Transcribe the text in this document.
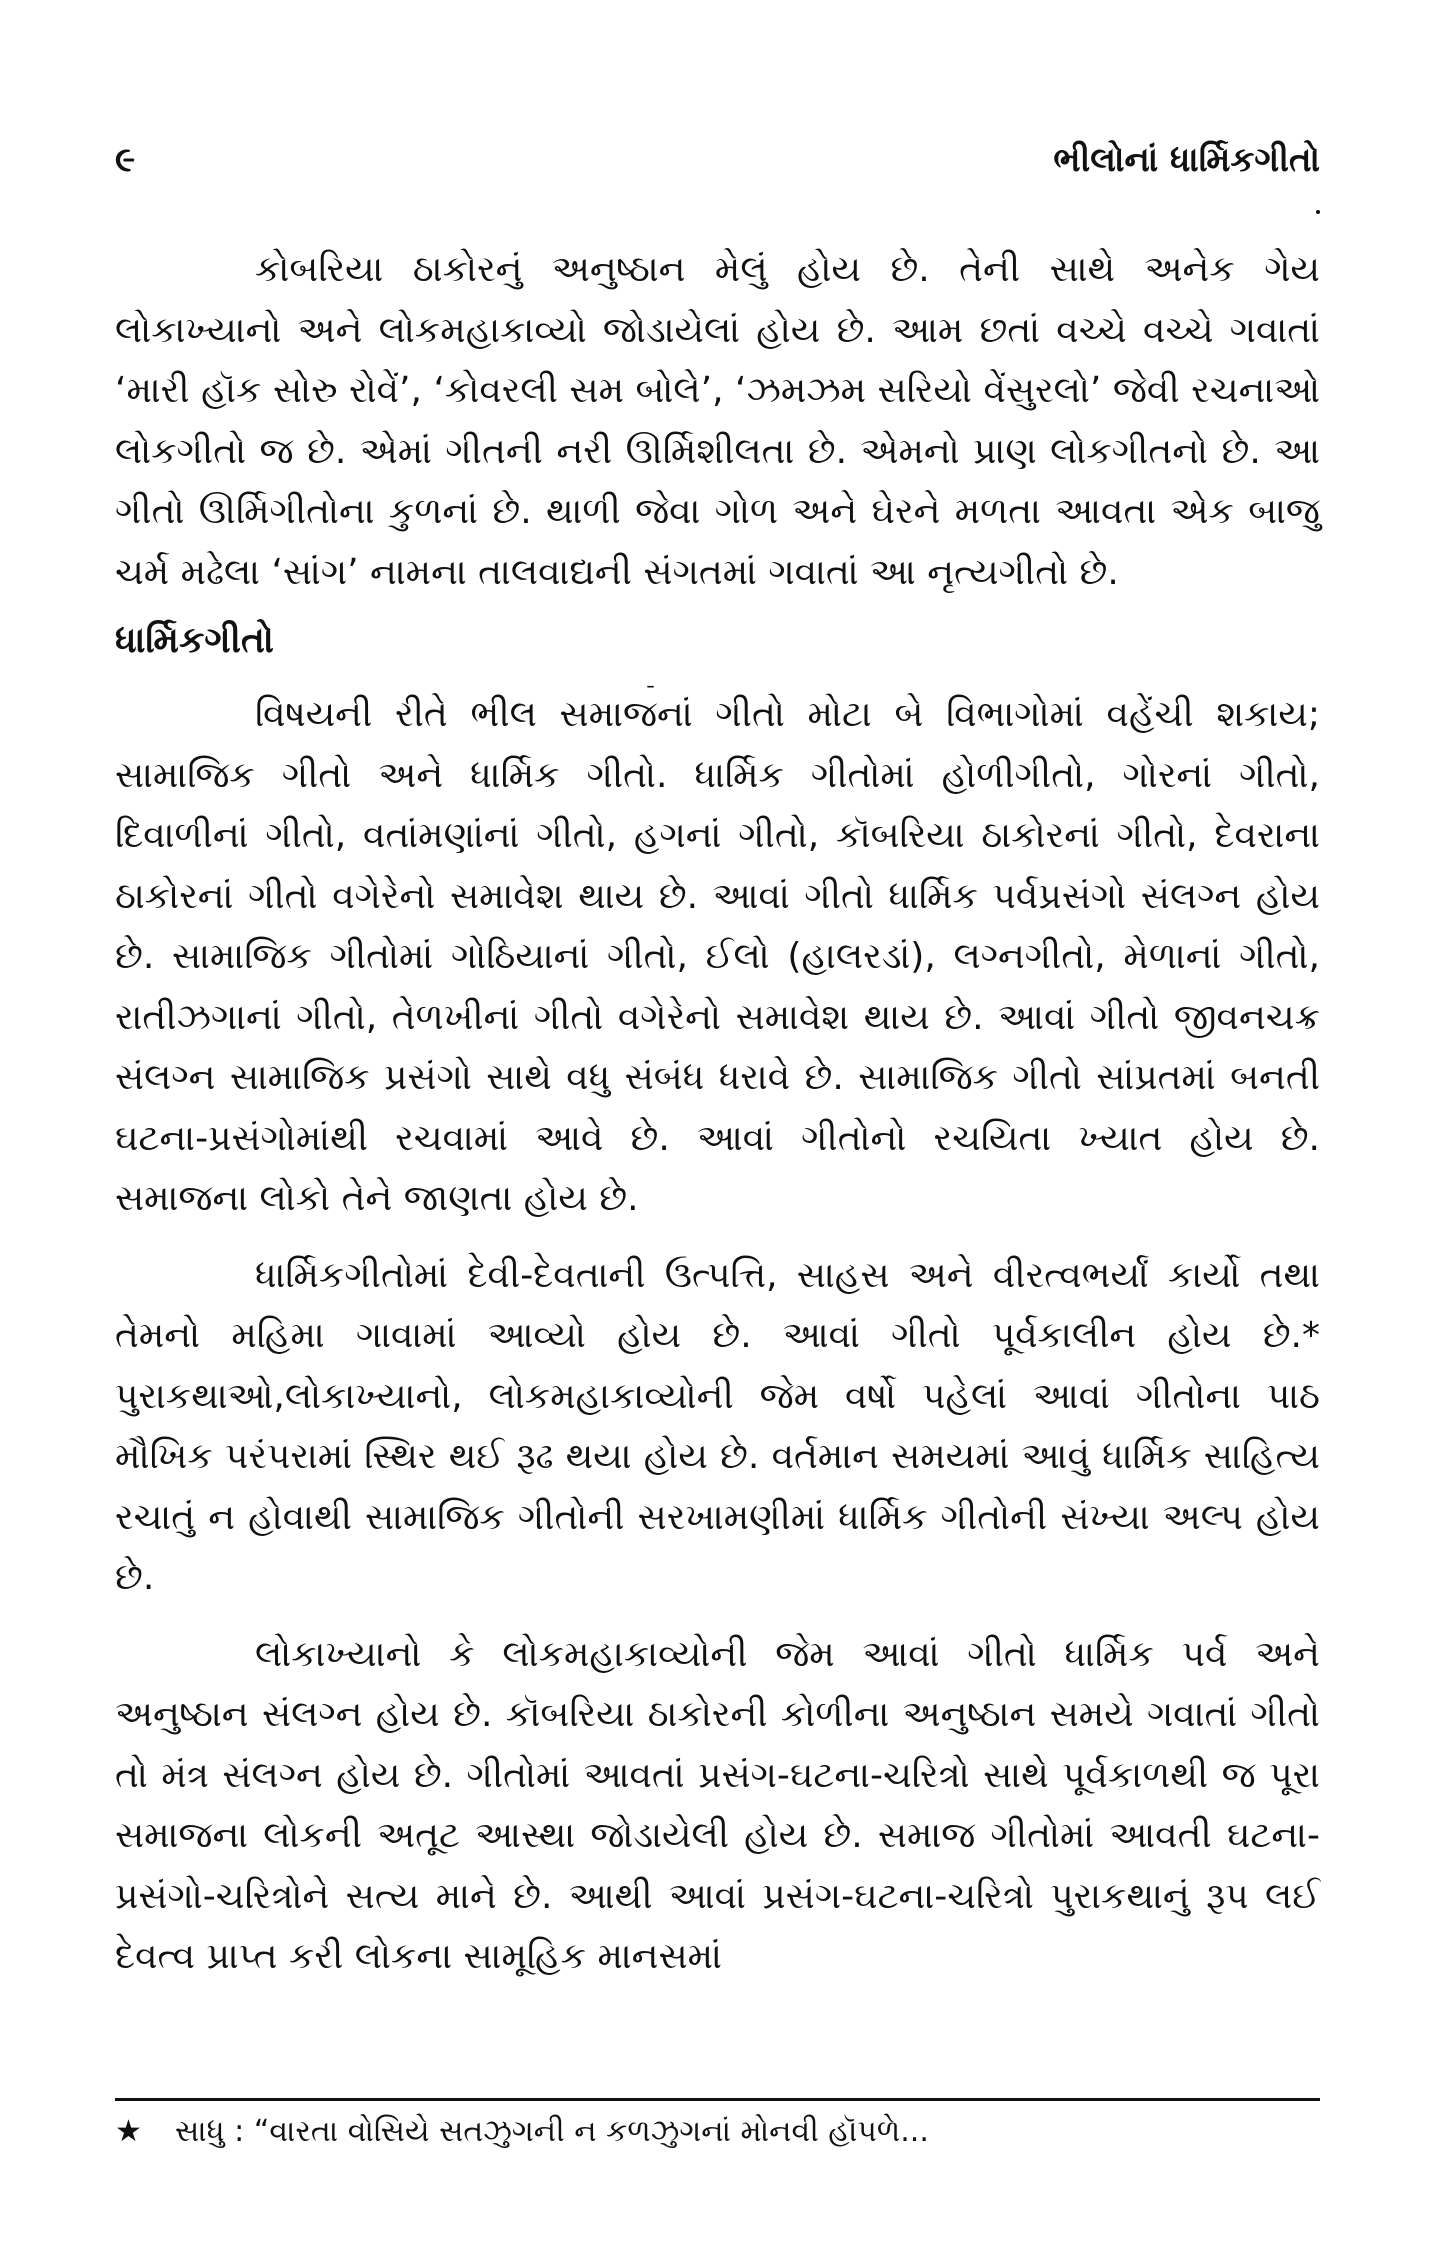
૯	ભીલોનાં ધાર્મિકગીતો

કોબરિયા ઠાકોરનું અનુષ્ઠાન મેલું હોય છે. તેની સાથે અનેક ગેય લોકાખ્યાનો અને લોકમહાકાવ્યો જોડાયેલાં હોય છે. આમ છતાં વચ્ચે વચ્ચે ગવાતાં ‘મારી હૉક સોરુ રોવેં’, ‘કોવરલી સમ બોલે’, ‘ઝમઝમ સરિયો વેંસુરલો’ જેવી રચનાઓ લોકગીતો જ છે. એમાં ગીતની નરી ઊર્મિશીલતા છે. એમનો પ્રાણ લોકગીતનો છે. આ ગીતો ઊર્મિગીતોના કુળનાં છે. થાળી જેવા ગોળ અને ઘેરને મળતા આવતા એક બાજુ ચર્મ મઢેલા ‘સાંગ’ નામના તાલવાદ્યની સંગતમાં ગવાતાં આ નૃત્યગીતો છે.

ધાર્મિકગીતો
ˍ

વિષયની રીતે ભીલ સમાજનાં ગીતો મોટા બે વિભાગોમાં વહેંચી શકાય; સામાજિક ગીતો અને ધાર્મિક ગીતો. ધાર્મિક ગીતોમાં હોળીગીતો, ગોરનાં ગીતો, દિવાળીનાં ગીતો, વતાંમણાંનાં ગીતો, હગનાં ગીતો, કૉબરિયા ઠાકોરનાં ગીતો, દેવરાના ઠાકોરનાં ગીતો વગેરેનો સમાવેશ થાય છે. આવાં ગીતો ધાર્મિક પર્વપ્રસંગો સંલગ્ન હોય છે. સામાજિક ગીતોમાં ગોઠિયાનાં ગીતો, ઈલો (હાલરડાં), લગ્નગીતો, મેળાનાં ગીતો, રાતીઝગાનાં ગીતો, તેળખીનાં ગીતો વગેરેનો સમાવેશ થાય છે. આવાં ગીતો જીવનચક્ર સંલગ્ન સામાજિક પ્રસંગો સાથે વધુ સંબંધ ધરાવે છે. સામાજિક ગીતો સાંપ્રતમાં બનતી ઘટના-પ્રસંગોમાંથી રચવામાં આવે છે. આવાં ગીતોનો રચયિતા ખ્યાત હોય છે. સમાજના લોકો તેને જાણતા હોય છે.

ધાર્મિકગીતોમાં દેવી-દેવતાની ઉત્પત્તિ, સાહસ અને વીરત્વભર્યાં કાર્યો તથા તેમનો મહિમા ગાવામાં આવ્યો હોય છે. આવાં ગીતો પૂર્વકાલીન હોય છે.* પુરાકથાઓ,લોકાખ્યાનો, લોકમહાકાવ્યોની જેમ વર્ષો પહેલાં આવાં ગીતોના પાઠ મૌખિક પરંપરામાં સ્થિર થઈ રૂઢ થયા હોય છે. વર્તમાન સમયમાં આવું ધાર્મિક સાહિત્ય રચાતું ન હોવાથી સામાજિક ગીતોની સરખામણીમાં ધાર્મિક ગીતોની સંખ્યા અલ્પ હોય છે.

લોકાખ્યાનો કે લોકમહાકાવ્યોની જેમ આવાં ગીતો ધાર્મિક પર્વ અને અનુષ્ઠાન સંલગ્ન હોય છે. કૉબરિયા ઠાકોરની કોળીના અનુષ્ઠાન સમયે ગવાતાં ગીતો તો મંત્ર સંલગ્ન હોય છે. ગીતોમાં આવતાં પ્રસંગ-ઘટના-ચરિત્રો સાથે પૂર્વકાળથી જ પૂરા સમાજના લોકની અતૂટ આસ્થા જોડાયેલી હોય છે. સમાજ ગીતોમાં આવતી ઘટના-પ્રસંગો-ચરિત્રોને સત્ય માને છે. આથી આવાં પ્રસંગ-ઘટના-ચરિત્રો પુરાકથાનું રૂપ લઈ દેવત્વ પ્રાપ્ત કરી લોકના સામૂહિક માનસમાં

★ સાધુ : “વારતા વોસિયે સતઝુગની ન કળઝુગનાં મોનવી હૉપળે...
